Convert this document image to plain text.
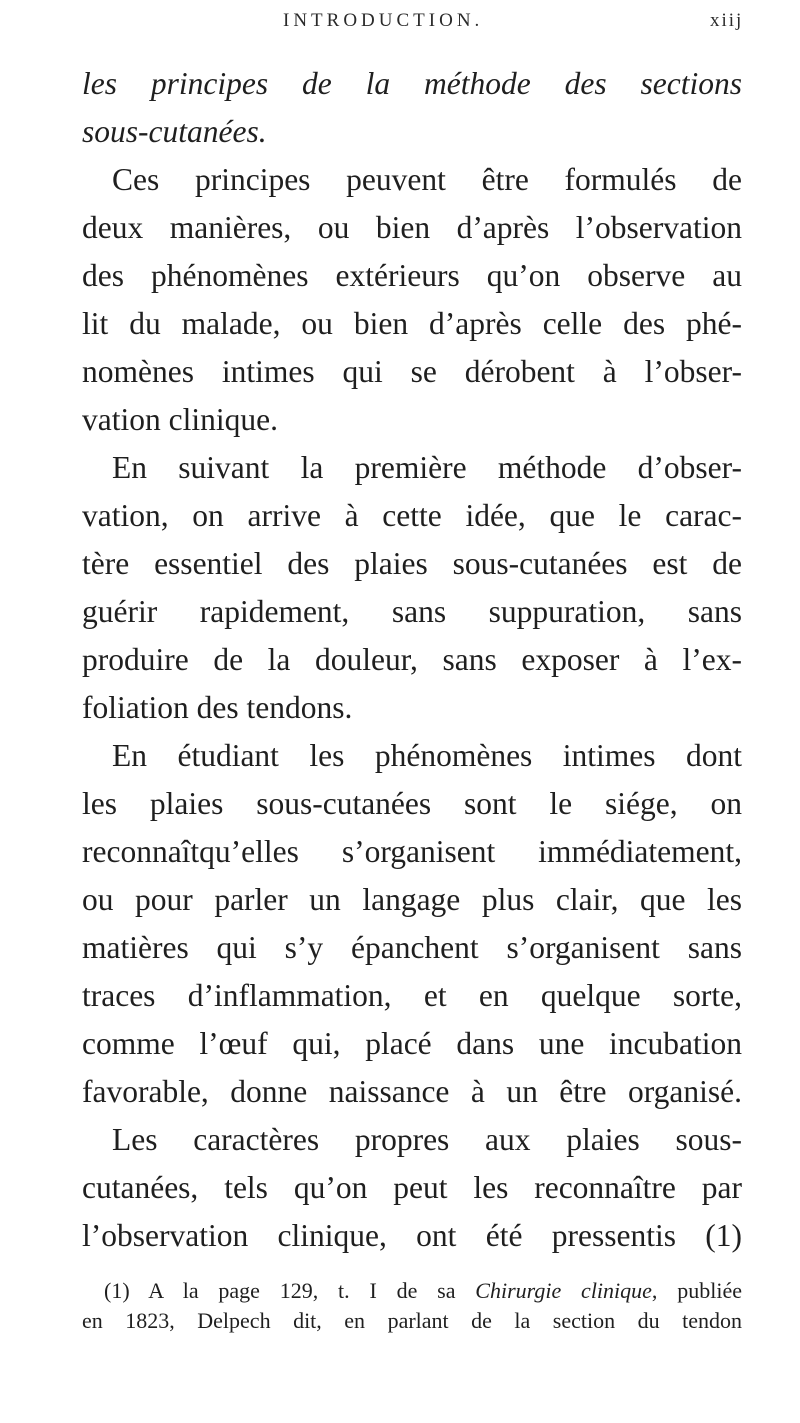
INTRODUCTION.	xiij
les principes de la méthode des sections
sous-cutanées.
Ces principes peuvent être formulés de
deux manières, ou bien d’après l’observation
des phénomènes extérieurs qu’on observe au
lit du malade, ou bien d’après celle des phé-
nomènes intimes qui se dérobent à l’obser-
vation clinique.
En suivant la première méthode d’obser-
vation, on arrive à cette idée, que le carac-
tère essentiel des plaies sous-cutanées est de
guérir rapidement, sans suppuration, sans
produire de la douleur, sans exposer à l’ex-
foliation des tendons.
En étudiant les phénomènes intimes dont
les plaies sous-cutanées sont le siége, on
reconnaîtqu’elles s’organisent immédiatement,
ou pour parler un langage plus clair, que les
matières qui s’y épanchent s’organisent sans
traces d’inflammation, et en quelque sorte,
comme l’œuf qui, placé dans une incubation
favorable, donne naissance à un être organisé.
Les caractères propres aux plaies sous-
cutanées, tels qu’on peut les reconnaître par
l’observation clinique, ont été pressentis (1)
(1) A la page 129, t. I de sa Chirurgie clinique, publiée
en 1823, Delpech dit, en parlant de la section du tendon
